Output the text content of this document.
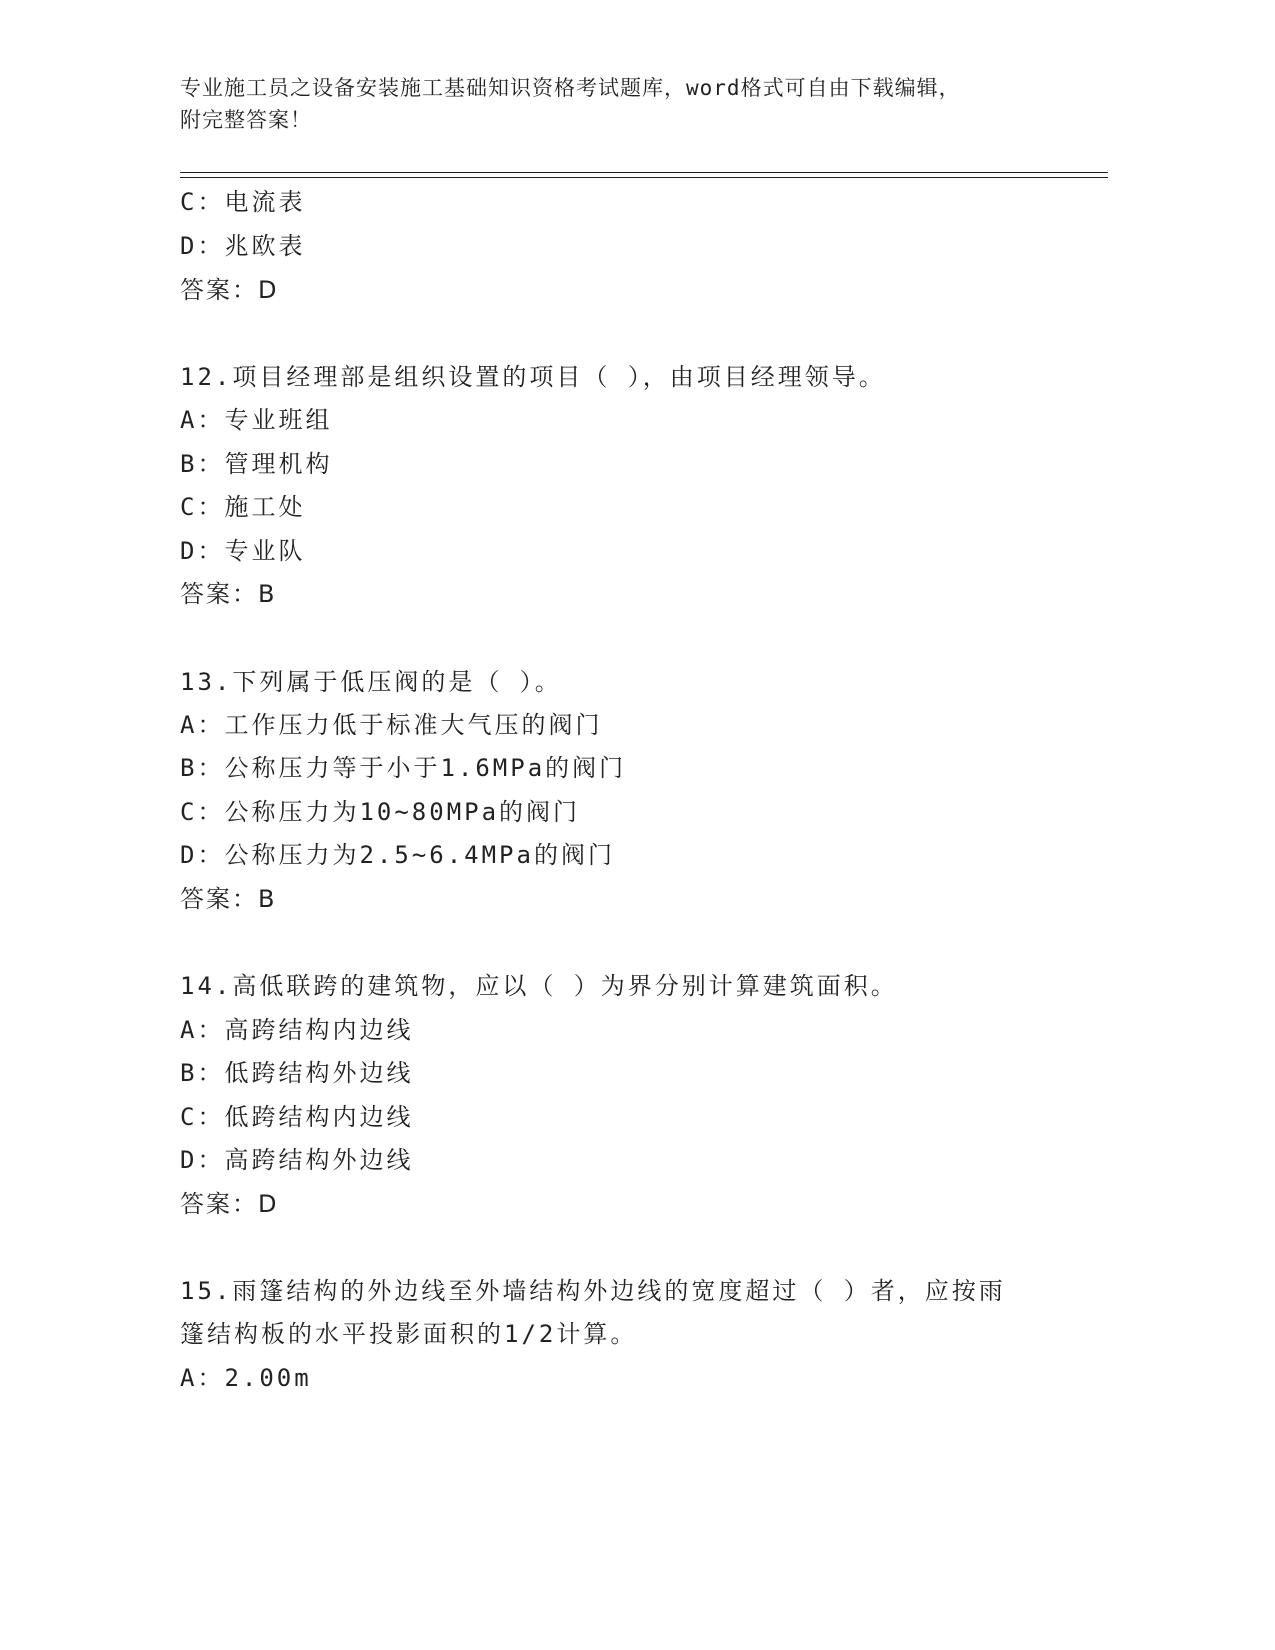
专业施工员之设备安装施工基础知识资格考试题库，word格式可自由下载编辑，
附完整答案！
C：电流表
D：兆欧表
答案：D
12.项目经理部是组织设置的项目（ ），由项目经理领导。
A：专业班组
B：管理机构
C：施工处
D：专业队
答案：B
13.下列属于低压阀的是（ ）。
A：工作压力低于标准大气压的阀门
B：公称压力等于小于1.6MPa的阀门
C：公称压力为10~80MPa的阀门
D：公称压力为2.5~6.4MPa的阀门
答案：B
14.高低联跨的建筑物，应以（ ）为界分别计算建筑面积。
A：高跨结构内边线
B：低跨结构外边线
C：低跨结构内边线
D：高跨结构外边线
答案：D
15.雨篷结构的外边线至外墙结构外边线的宽度超过（ ）者，应按雨
篷结构板的水平投影面积的1/2计算。
A：2.00m
